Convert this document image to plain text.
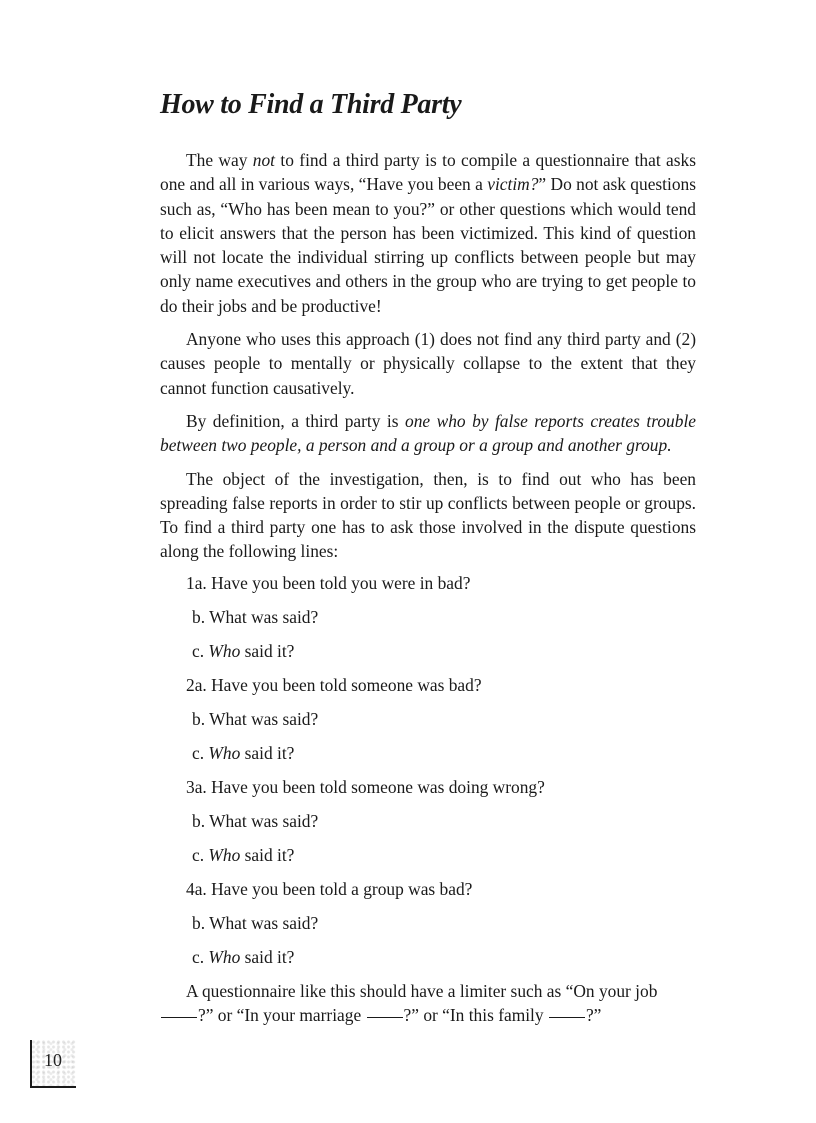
How to Find a Third Party

The way not to find a third party is to compile a questionnaire that asks one and all in various ways, “Have you been a victim?” Do not ask questions such as, “Who has been mean to you?” or other questions which would tend to elicit answers that the person has been victimized. This kind of question will not locate the individual stirring up conflicts between people but may only name executives and others in the group who are trying to get people to do their jobs and be productive!

Anyone who uses this approach (1) does not find any third party and (2) causes people to mentally or physically collapse to the extent that they cannot function causatively.

By definition, a third party is one who by false reports creates trouble between two people, a person and a group or a group and another group.

The object of the investigation, then, is to find out who has been spreading false reports in order to stir up conflicts between people or groups. To find a third party one has to ask those involved in the dispute questions along the following lines:

1a. Have you been told you were in bad?
b. What was said?
c. Who said it?
2a. Have you been told someone was bad?
b. What was said?
c. Who said it?
3a. Have you been told someone was doing wrong?
b. What was said?
c. Who said it?
4a. Have you been told a group was bad?
b. What was said?
c. Who said it?

A questionnaire like this should have a limiter such as “On your job ?” or “In your marriage ?” or “In this family ?”

10
